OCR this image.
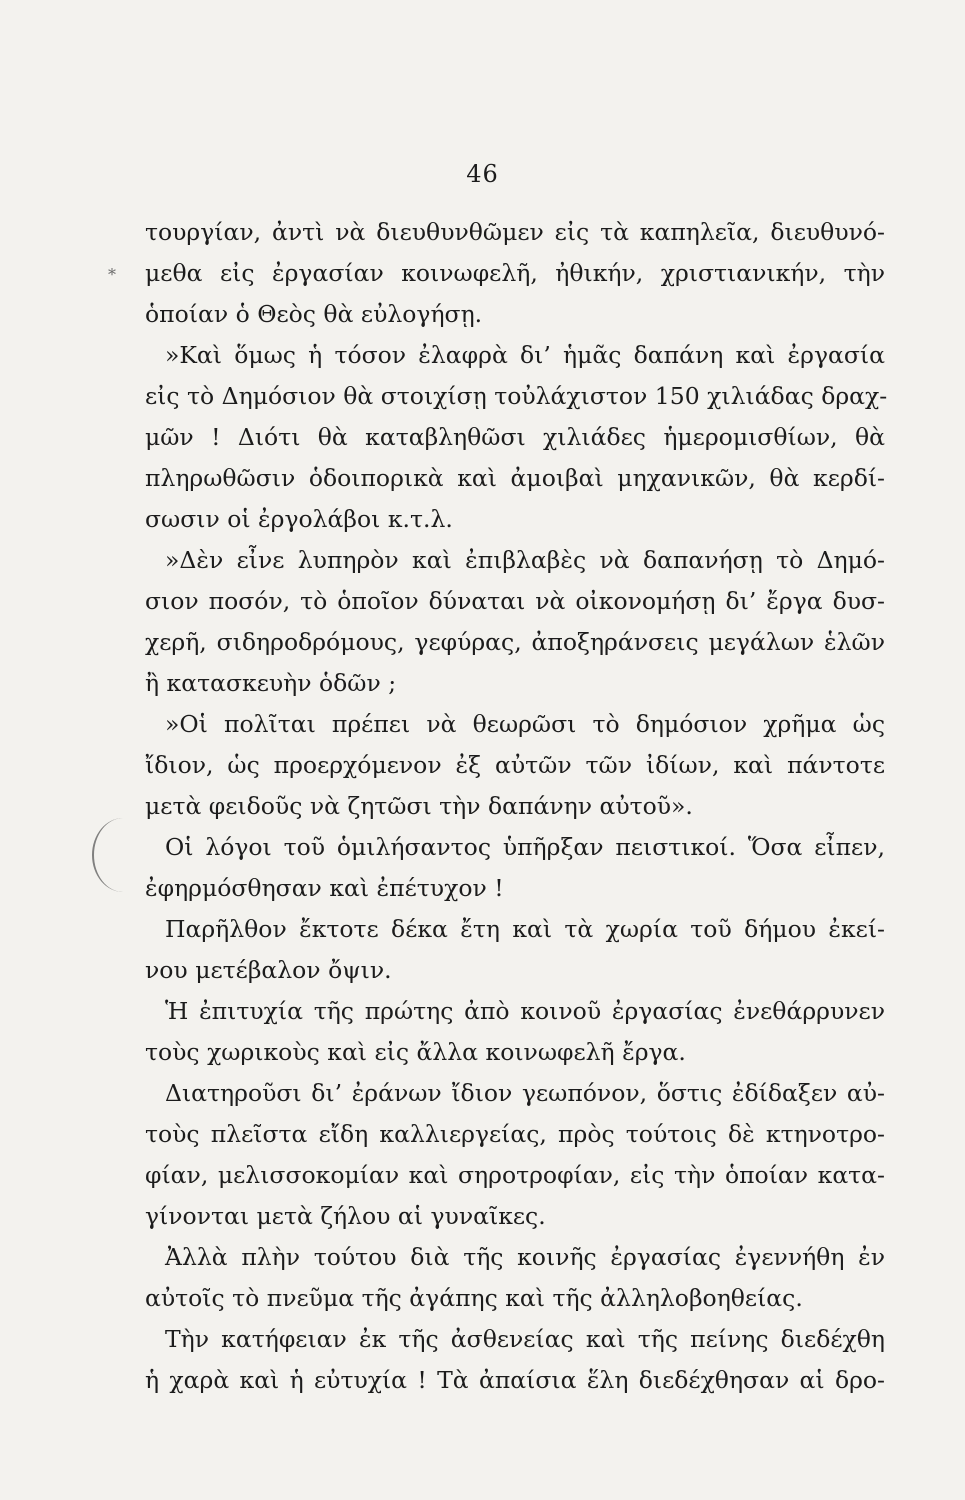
46
*
τουργίαν, ἀντὶ νὰ διευθυνθῶμεν εἰς τὰ καπηλεῖα, διευθυνό-
μεθα εἰς ἐργασίαν κοινωφελῆ, ἠθικήν, χριστιανικήν, τὴν
ὁποίαν ὁ Θεὸς θὰ εὐλογήσῃ.
»Καὶ ὅμως ἡ τόσον ἐλαφρὰ δι’ ἡμᾶς δαπάνη καὶ ἐργασία
εἰς τὸ Δημόσιον θὰ στοιχίσῃ τοὐλάχιστον 150 χιλιάδας δραχ-
μῶν ! Διότι θὰ καταβληθῶσι χιλιάδες ἡμερομισθίων, θὰ
πληρωθῶσιν ὁδοιπορικὰ καὶ ἀμοιβαὶ μηχανικῶν, θὰ κερδί-
σωσιν οἱ ἐργολάβοι κ.τ.λ.
»Δὲν εἶνε λυπηρὸν καὶ ἐπιβλαβὲς νὰ δαπανήσῃ τὸ Δημό-
σιον ποσόν, τὸ ὁποῖον δύναται νὰ οἰκονομήσῃ δι’ ἔργα δυσ-
χερῆ, σιδηροδρόμους, γεφύρας, ἀποξηράνσεις μεγάλων ἑλῶν
ἢ κατασκευὴν ὁδῶν ;
»Οἱ πολῖται πρέπει νὰ θεωρῶσι τὸ δημόσιον χρῆμα ὡς
ἴδιον, ὡς προερχόμενον ἐξ αὐτῶν τῶν ἰδίων, καὶ πάντοτε
μετὰ φειδοῦς νὰ ζητῶσι τὴν δαπάνην αὐτοῦ».
Οἱ λόγοι τοῦ ὁμιλήσαντος ὑπῆρξαν πειστικοί. Ὅσα εἶπεν,
ἐφηρμόσθησαν καὶ ἐπέτυχον !
Παρῆλθον ἔκτοτε δέκα ἔτη καὶ τὰ χωρία τοῦ δήμου ἐκεί-
νου μετέβαλον ὄψιν.
Ἡ ἐπιτυχία τῆς πρώτης ἀπὸ κοινοῦ ἐργασίας ἐνεθάρρυνεν
τοὺς χωρικοὺς καὶ εἰς ἄλλα κοινωφελῆ ἔργα.
Διατηροῦσι δι’ ἐράνων ἴδιον γεωπόνον, ὅστις ἐδίδαξεν αὐ-
τοὺς πλεῖστα εἴδη καλλιεργείας, πρὸς τούτοις δὲ κτηνοτρο-
φίαν, μελισσοκομίαν καὶ σηροτροφίαν, εἰς τὴν ὁποίαν κατα-
γίνονται μετὰ ζήλου αἱ γυναῖκες.
Ἀλλὰ πλὴν τούτου διὰ τῆς κοινῆς ἐργασίας ἐγεννήθη ἐν
αὐτοῖς τὸ πνεῦμα τῆς ἀγάπης καὶ τῆς ἀλληλοβοηθείας.
Τὴν κατήφειαν ἐκ τῆς ἀσθενείας καὶ τῆς πείνης διεδέχθη
ἡ χαρὰ καὶ ἡ εὐτυχία ! Τὰ ἀπαίσια ἕλη διεδέχθησαν αἱ δρο-
